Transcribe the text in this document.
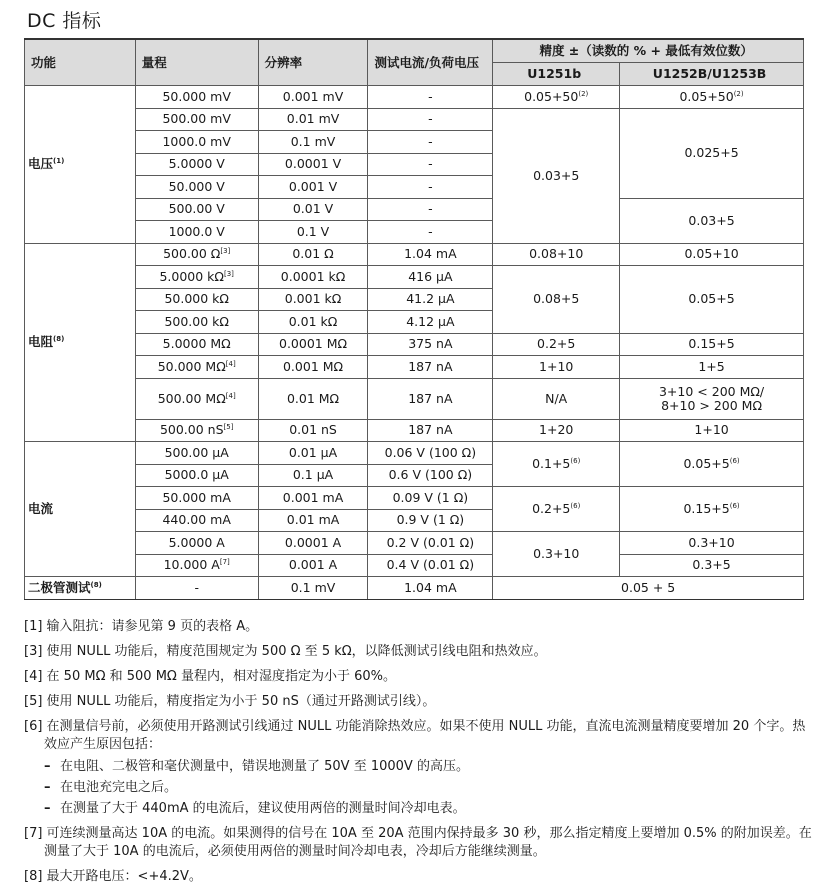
DC 指标
功能	量程	分辨率	测试电流/负荷电压	精度 ±（读数的 % + 最低有效位数）	
				U1251b	U1252B/U1253B
电压$^{(1)}$	50.000 mV	0.001 mV	-	$0.05+50^{(2)}$	$0.05+50^{(2)}$
	500.00 mV	0.01 mV	-	0.03+5	0.025+5
	1000.0 mV	0.1 mV	-		
	5.0000 V	0.0001 V	-		
	50.000 V	0.001 V	-		
	500.00 V	0.01 V	-		0.03+5
	1000.0 V	0.1 V	-		
电阻$^{(8)}$	500.00 Ω[3]	0.01 Ω	1.04 mA	0.08+10	0.05+10
	5.0000 kΩ[3]	0.0001 kΩ	416 μA	0.08+5	0.05+5
	50.000 kΩ	0.001 kΩ	41.2 μA		
	500.00 kΩ	0.01 kΩ	4.12 μA		
	5.0000 MΩ	0.0001 MΩ	375 nA	0.2+5	0.15+5
	50.000 MΩ[4]	0.001 MΩ	187 nA	1+10	1+5
	500.00 MΩ[4]	0.01 MΩ	187 nA	N/A	3+10 < 200 MΩ/
8+10 > 200 MΩ
	500.00 nS[5]	0.01 nS	187 nA	1+20	1+10
电流	500.00 μA	0.01 μA	0.06 V (100 Ω)	$0.1+5^{(6)}$	$0.05+5^{(6)}$
	5000.0 μA	0.1 μA	0.6 V (100 Ω)		
	50.000 mA	0.001 mA	0.09 V (1 Ω)	$0.2+5^{(6)}$	$0.15+5^{(6)}$
	440.00 mA	0.01 mA	0.9 V (1 Ω)		
	5.0000 A	0.0001 A	0.2 V (0.01 Ω)	0.3+10	0.3+10
	10.000 A[7]	0.001 A	0.4 V (0.01 Ω)		0.3+5
二极管测试$^{(8)}$	-	0.1 mV	1.04 mA	0.05 + 5	

[1] 输入阻抗：请参见第 9 页的表格 A。

[3] 使用 NULL 功能后，精度范围规定为 500 Ω 至 5 kΩ，以降低测试引线电阻和热效应。

[4] 在 50 MΩ 和 500 MΩ 量程内，相对湿度指定为小于 60%。

[5] 使用 NULL 功能后，精度指定为小于 50 nS（通过开路测试引线）。

[6] 在测量信号前，必须使用开路测试引线通过 NULL 功能消除热效应。如果不使用 NULL 功能，直流电流测量精度要增加 20 个字。热效应产生原因包括：

– 在电阻、二极管和毫伏测量中，错误地测量了 50V 至 1000V 的高压。

– 在电池充完电之后。

– 在测量了大于 440mA 的电流后，建议使用两倍的测量时间冷却电表。

[7] 可连续测量高达 10A 的电流。如果测得的信号在 10A 至 20A 范围内保持最多 30 秒，那么指定精度上要增加 0.5% 的附加误差。在测量了大于 10A 的电流后，必须使用两倍的测量时间冷却电表，冷却后方能继续测量。

[8] 最大开路电压：<+4.2V。
